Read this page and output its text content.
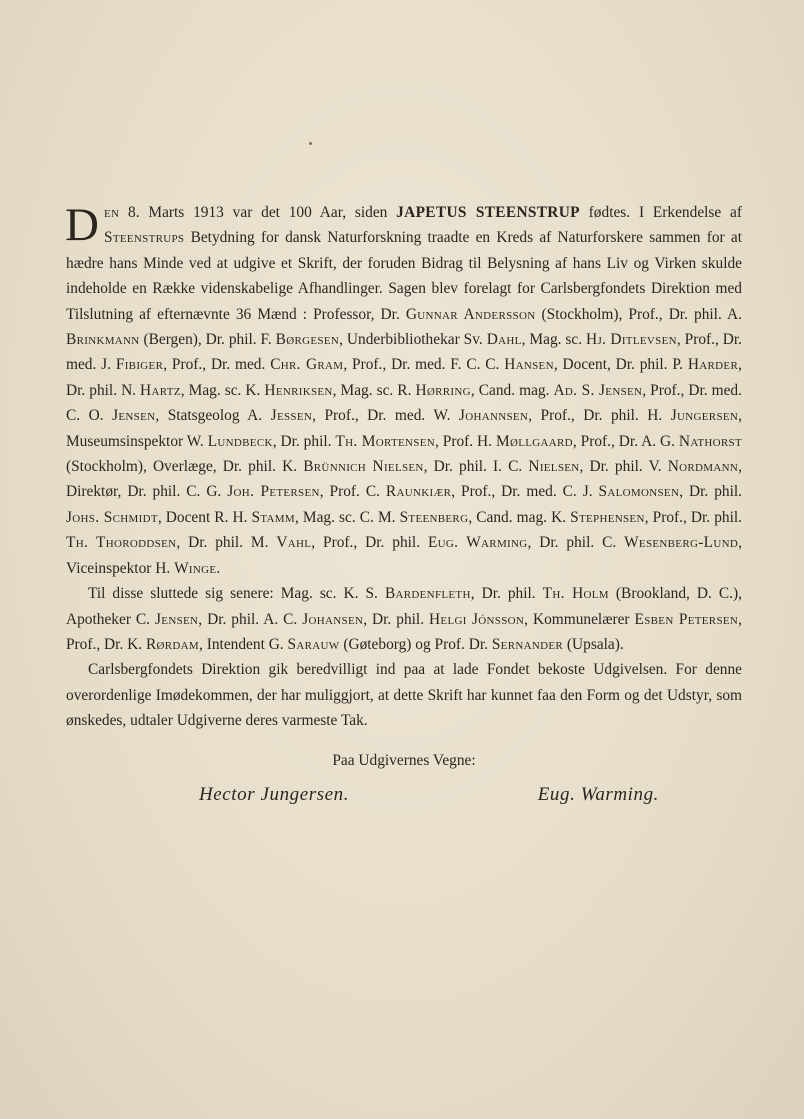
Den 8. Marts 1913 var det 100 Aar, siden JAPETUS STEENSTRUP fødtes. I Erkendelse af Steenstrups Betydning for dansk Naturforskning traadte en Kreds af Naturforskere sammen for at hædre hans Minde ved at udgive et Skrift, der foruden Bidrag til Belysning af hans Liv og Virken skulde indeholde en Række videnskabelige Afhandlinger. Sagen blev forelagt for Carlsbergfondets Direktion med Tilslutning af efternævnte 36 Mænd : Professor, Dr. Gunnar Andersson (Stockholm), Prof., Dr. phil. A. Brinkmann (Bergen), Dr. phil. F. Børgesen, Underbibliothekar Sv. Dahl, Mag. sc. Hj. Ditlevsen, Prof., Dr. med. J. Fibiger, Prof., Dr. med. Chr. Gram, Prof., Dr. med. F. C. C. Hansen, Docent, Dr. phil. P. Harder, Dr. phil. N. Hartz, Mag. sc. K. Henriksen, Mag. sc. R. Hørring, Cand. mag. Ad. S. Jensen, Prof., Dr. med. C. O. Jensen, Statsgeolog A. Jessen, Prof., Dr. med. W. Johannsen, Prof., Dr. phil. H. Jungersen, Museumsinspektor W. Lundbeck, Dr. phil. Th. Mortensen, Prof. H. Møllgaard, Prof., Dr. A. G. Nathorst (Stockholm), Overlæge, Dr. phil. K. Brünnich Nielsen, Dr. phil. I. C. Nielsen, Dr. phil. V. Nordmann, Direktør, Dr. phil. C. G. Joh. Petersen, Prof. C. Raunkiær, Prof., Dr. med. C. J. Salomonsen, Dr. phil. Johs. Schmidt, Docent R. H. Stamm, Mag. sc. C. M. Steenberg, Cand. mag. K. Stephensen, Prof., Dr. phil. Th. Thoroddsen, Dr. phil. M. Vahl, Prof., Dr. phil. Eug. Warming, Dr. phil. C. Wesenberg-Lund, Viceinspektor H. Winge.

Til disse sluttede sig senere: Mag. sc. K. S. Bardenfleth, Dr. phil. Th. Holm (Brookland, D. C.), Apotheker C. Jensen, Dr. phil. A. C. Johansen, Dr. phil. Helgi Jónsson, Kommunelærer Esben Petersen, Prof., Dr. K. Rørdam, Intendent G. Sarauw (Gøteborg) og Prof. Dr. Sernander (Upsala).

Carlsbergfondets Direktion gik beredvilligt ind paa at lade Fondet bekoste Udgivelsen. For denne overordenlige Imødekommen, der har muliggjort, at dette Skrift har kunnet faa den Form og det Udstyr, som ønskedes, udtaler Udgiverne deres varmeste Tak.

Paa Udgivernes Vegne:

Hector Jungersen.	Eug. Warming.
